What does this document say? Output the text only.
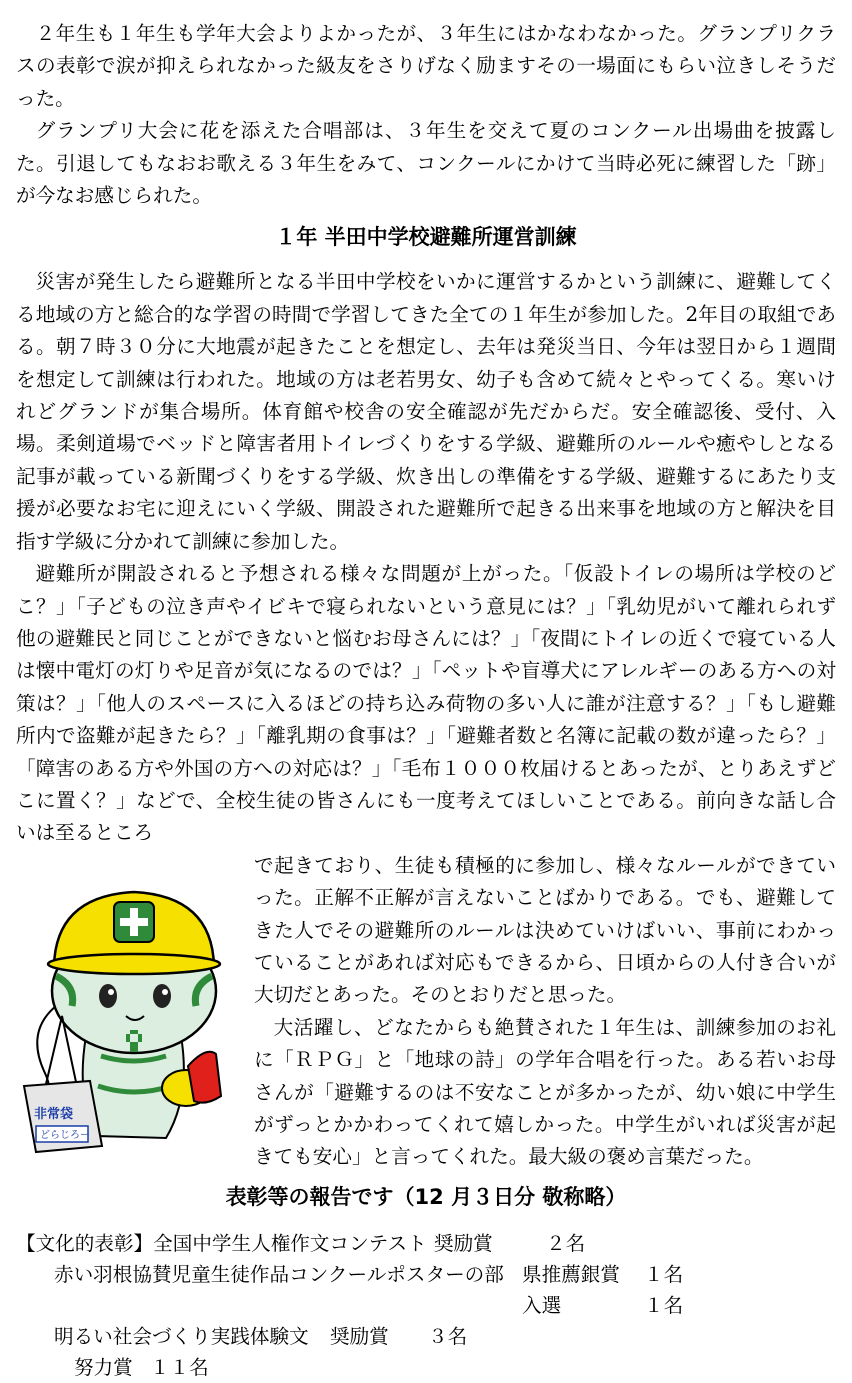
２年生も１年生も学年大会よりよかったが、３年生にはかなわなかった。グランプリクラスの表彰で涙が抑えられなかった級友をさりげなく励ますその一場面にもらい泣きしそうだった。

グランプリ大会に花を添えた合唱部は、３年生を交えて夏のコンクール出場曲を披露した。引退してもなおお歌える３年生をみて、コンクールにかけて当時必死に練習した「跡」が今なお感じられた。

１年 半田中学校避難所運営訓練

災害が発生したら避難所となる半田中学校をいかに運営するかという訓練に、避難してくる地域の方と総合的な学習の時間で学習してきた全ての１年生が参加した。2年目の取組である。朝７時３０分に大地震が起きたことを想定し、去年は発災当日、今年は翌日から１週間を想定して訓練は行われた。地域の方は老若男女、幼子も含めて続々とやってくる。寒いけれどグランドが集合場所。体育館や校舎の安全確認が先だからだ。安全確認後、受付、入場。柔剣道場でベッドと障害者用トイレづくりをする学級、避難所のルールや癒やしとなる記事が載っている新聞づくりをする学級、炊き出しの準備をする学級、避難するにあたり支援が必要なお宅に迎えにいく学級、開設された避難所で起きる出来事を地域の方と解決を目指す学級に分かれて訓練に参加した。

避難所が開設されると予想される様々な問題が上がった。「仮設トイレの場所は学校のどこ？」「子どもの泣き声やイビキで寝られないという意見には？」「乳幼児がいて離れられず他の避難民と同じことができないと悩むお母さんには？」「夜間にトイレの近くで寝ている人は懐中電灯の灯りや足音が気になるのでは？」「ペットや盲導犬にアレルギーのある方への対策は？」「他人のスペースに入るほどの持ち込み荷物の多い人に誰が注意する？」「もし避難所内で盗難が起きたら？」「離乳期の食事は？」「避難者数と名簿に記載の数が違ったら？」「障害のある方や外国の方への対応は？」「毛布１０００枚届けるとあったが、とりあえずどこに置く？」などで、全校生徒の皆さんにも一度考えてほしいことである。前向きな話し合いは至るところ

非常袋
どらじろー
で起きており、生徒も積極的に参加し、様々なルールができていった。正解不正解が言えないことばかりである。でも、避難してきた人でその避難所のルールは決めていけばいい、事前にわかっていることがあれば対応もできるから、日頃からの人付き合いが大切だとあった。そのとおりだと思った。

大活躍し、どなたからも絶賛された１年生は、訓練参加のお礼に「ＲＰＧ」と「地球の詩」の学年合唱を行った。ある若いお母さんが「避難するのは不安なことが多かったが、幼い娘に中学生がずっとかかわってくれて嬉しかった。中学生がいれば災害が起きても安心」と言ってくれた。最大級の褒め言葉だった。

表彰等の報告です（12 月３日分 敬称略）
【文化的表彰】全国中学生人権作文コンテスト 奨励賞	２名
赤い羽根協賛児童生徒作品コンクールポスターの部 県推薦銀賞 １名
入選	１名
明るい社会づくり実践体験文 奨励賞 ３名
努力賞 １１名
